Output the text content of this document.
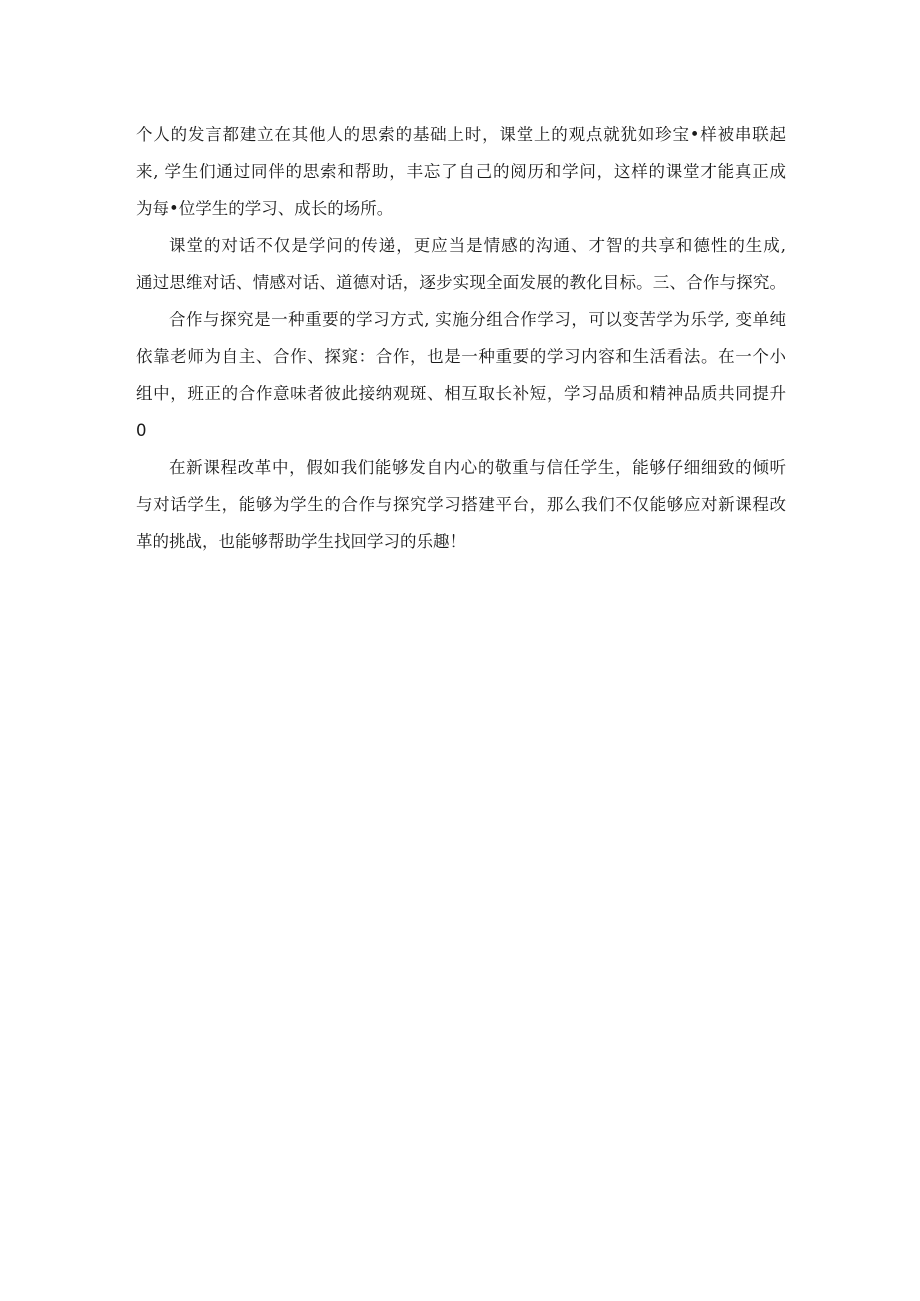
个人的发言都建立在其他人的思索的基础上时，课堂上的观点就犹如珍宝•样被串联起
来, 学生们通过同伴的思索和帮助，丰忘了自己的阅历和学问，这样的课堂才能真正成
为每•位学生的学习、成长的场所。
课堂的对话不仅是学问的传递，更应当是情感的沟通、才智的共享和德性的生成,
通过思维对话、情感对话、道德对话，逐步实现全面发展的教化目标。三、合作与探究。
合作与探究是一种重要的学习方式, 实施分组合作学习，可以变苦学为乐学, 变单纯
依靠老师为自主、合作、探窕：合作，也是一种重要的学习内容和生活看法。在一个小
组中，班正的合作意味者彼此接纳观斑、相互取长补短，学习品质和精神品质共同提升
0
在新课程改革中，假如我们能够发自内心的敬重与信任学生，能够仔细细致的倾听
与对话学生，能够为学生的合作与探究学习搭建平台，那么我们不仅能够应对新课程改
革的挑战，也能够帮助学生找回学习的乐趣！
